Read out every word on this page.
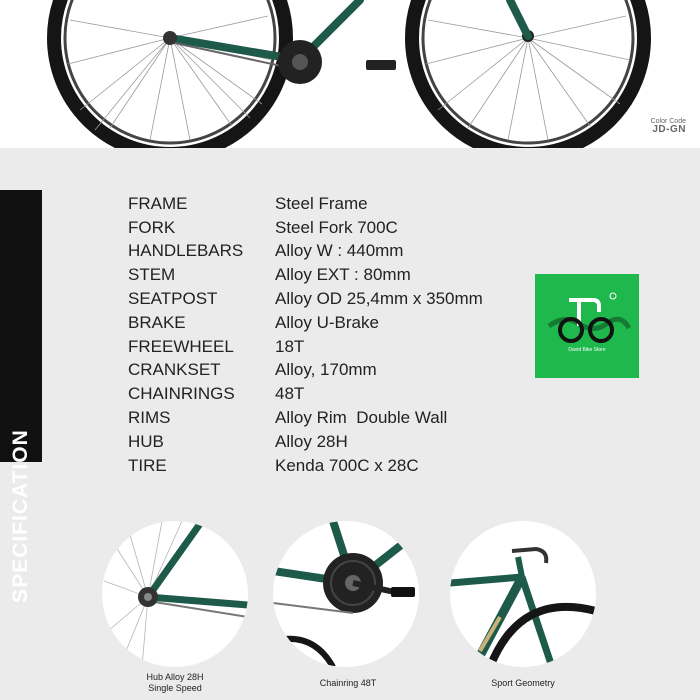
Color Code
JD-GN
SPECIFICATION
FRAME	Steel Frame
FORK	Steel Fork 700C
HANDLEBARS	Alloy W : 440mm
STEM	Alloy EXT : 80mm
SEATPOST	Alloy OD 25,4mm x 350mm
BRAKE	Alloy U-Brake
FREEWHEEL	18T
CRANKSET	Alloy, 170mm
CHAINRINGS	48T
RIMS	Alloy Rim  Double Wall
HUB	Alloy 28H
TIRE	Kenda 700C x 28C
David Bike Store
Hub Alloy 28H
Single Speed
Chainring 48T	Sport Geometry
